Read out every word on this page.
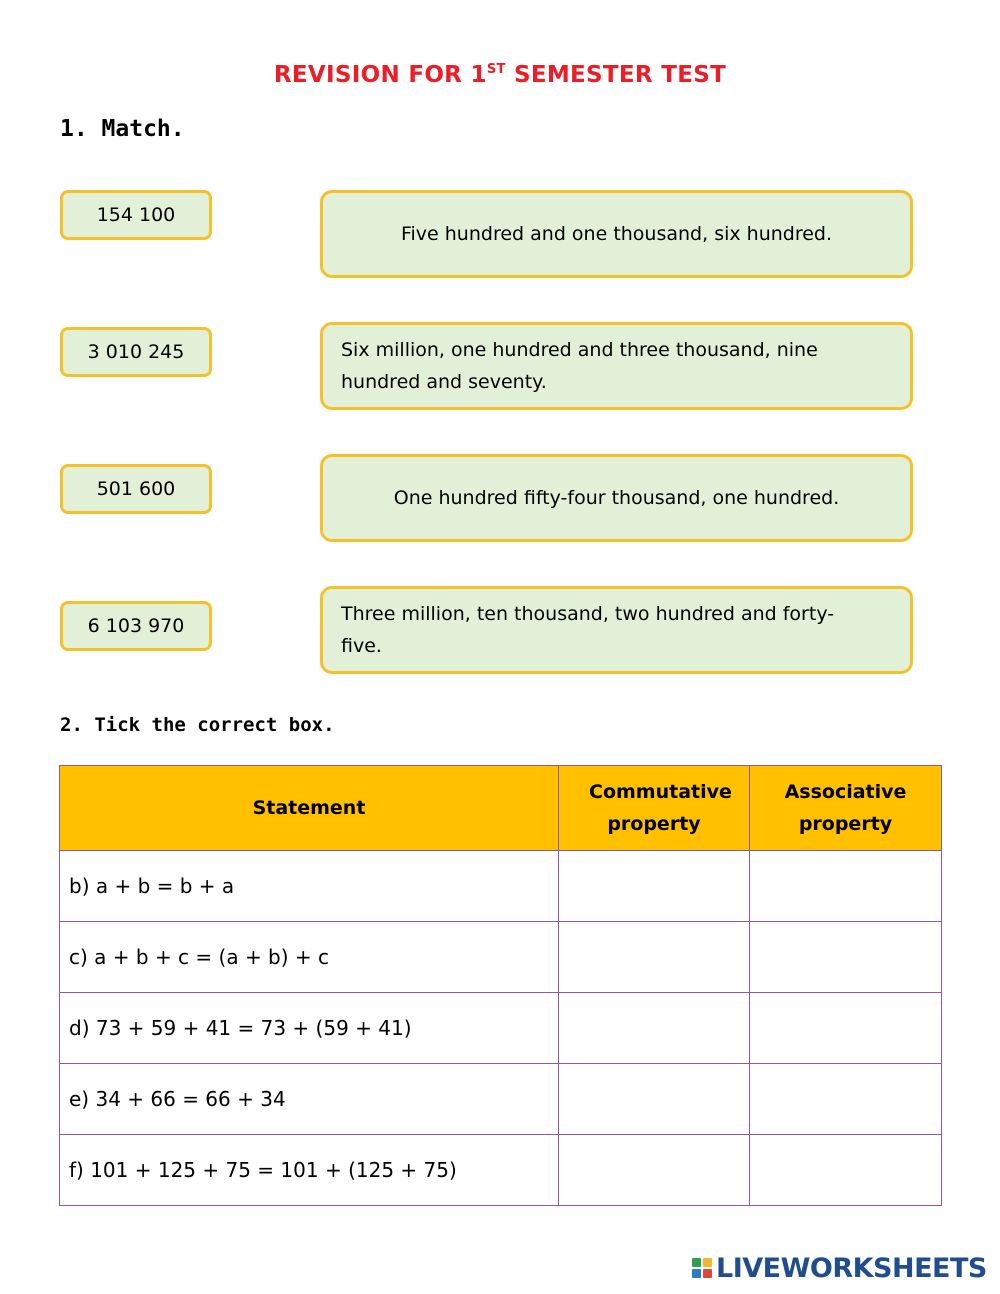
REVISION FOR 1ST SEMESTER TEST
1. Match.
154 100
3 010 245
501 600
6 103 970
Five hundred and one thousand, six hundred.
Six million, one hundred and three thousand, nine hundred and seventy.
One hundred fifty-four thousand, one hundred.
Three million, ten thousand, two hundred and forty-five.
2. Tick the correct box.
Statement	Commutative property	Associative property
b) a + b = b + a		
c) a + b + c = (a + b) + c		
d) 73 + 59 + 41 = 73 + (59 + 41)		
e) 34 + 66 = 66 + 34		
f) 101 + 125 + 75 = 101 + (125 + 75)		
LIVEWORKSHEETS
